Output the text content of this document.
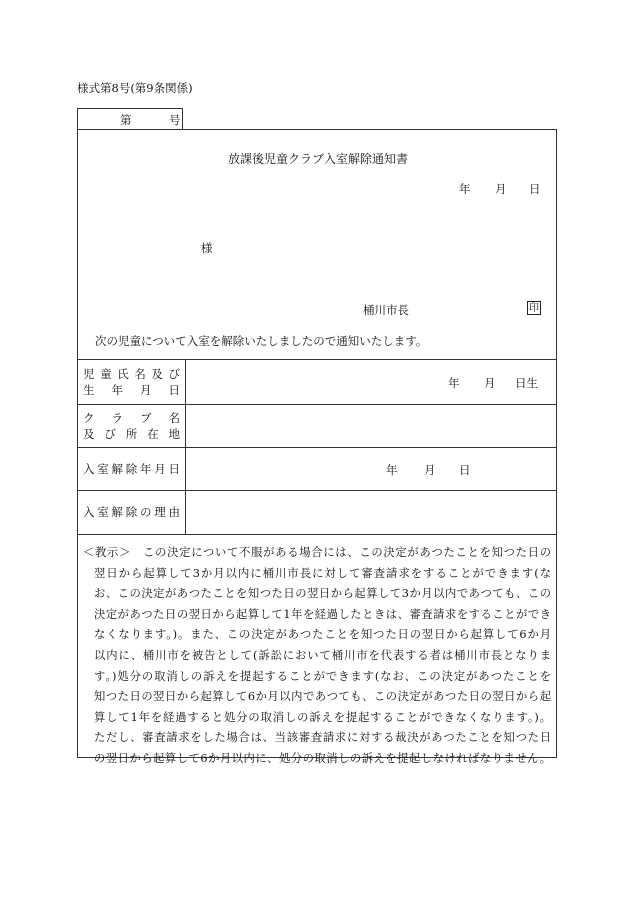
様式第8号(第9条関係)
第	号
放課後児童クラブ入室解除通知書
年 月 日
様
桶川市長	印
次の児童について入室を解除いたしましたので通知いたします。
児童氏名及び
生　年　月　日	年 月 日生
クラブ名
及び所在地
入室解除年月日	年 月 日
入室解除の理由

＜教示＞　この決定について不服がある場合には、この決定があつたことを知つた日の

翌日から起算して3か月以内に桶川市長に対して審査請求をすることができます(な

お、この決定があつたことを知つた日の翌日から起算して3か月以内であつても、この

決定があつた日の翌日から起算して1年を経過したときは、審査請求をすることができ

なくなります。)。また、この決定があつたことを知つた日の翌日から起算して6か月

以内に、桶川市を被告として(訴訟において桶川市を代表する者は桶川市長となりま

す。)処分の取消しの訴えを提起することができます(なお、この決定があつたことを

知つた日の翌日から起算して6か月以内であつても、この決定があつた日の翌日から起

算して1年を経過すると処分の取消しの訴えを提起することができなくなります。)。

ただし、審査請求をした場合は、当該審査請求に対する裁決があつたことを知つた日

の翌日から起算して6か月以内に、処分の取消しの訴えを提起しなければなりません。
